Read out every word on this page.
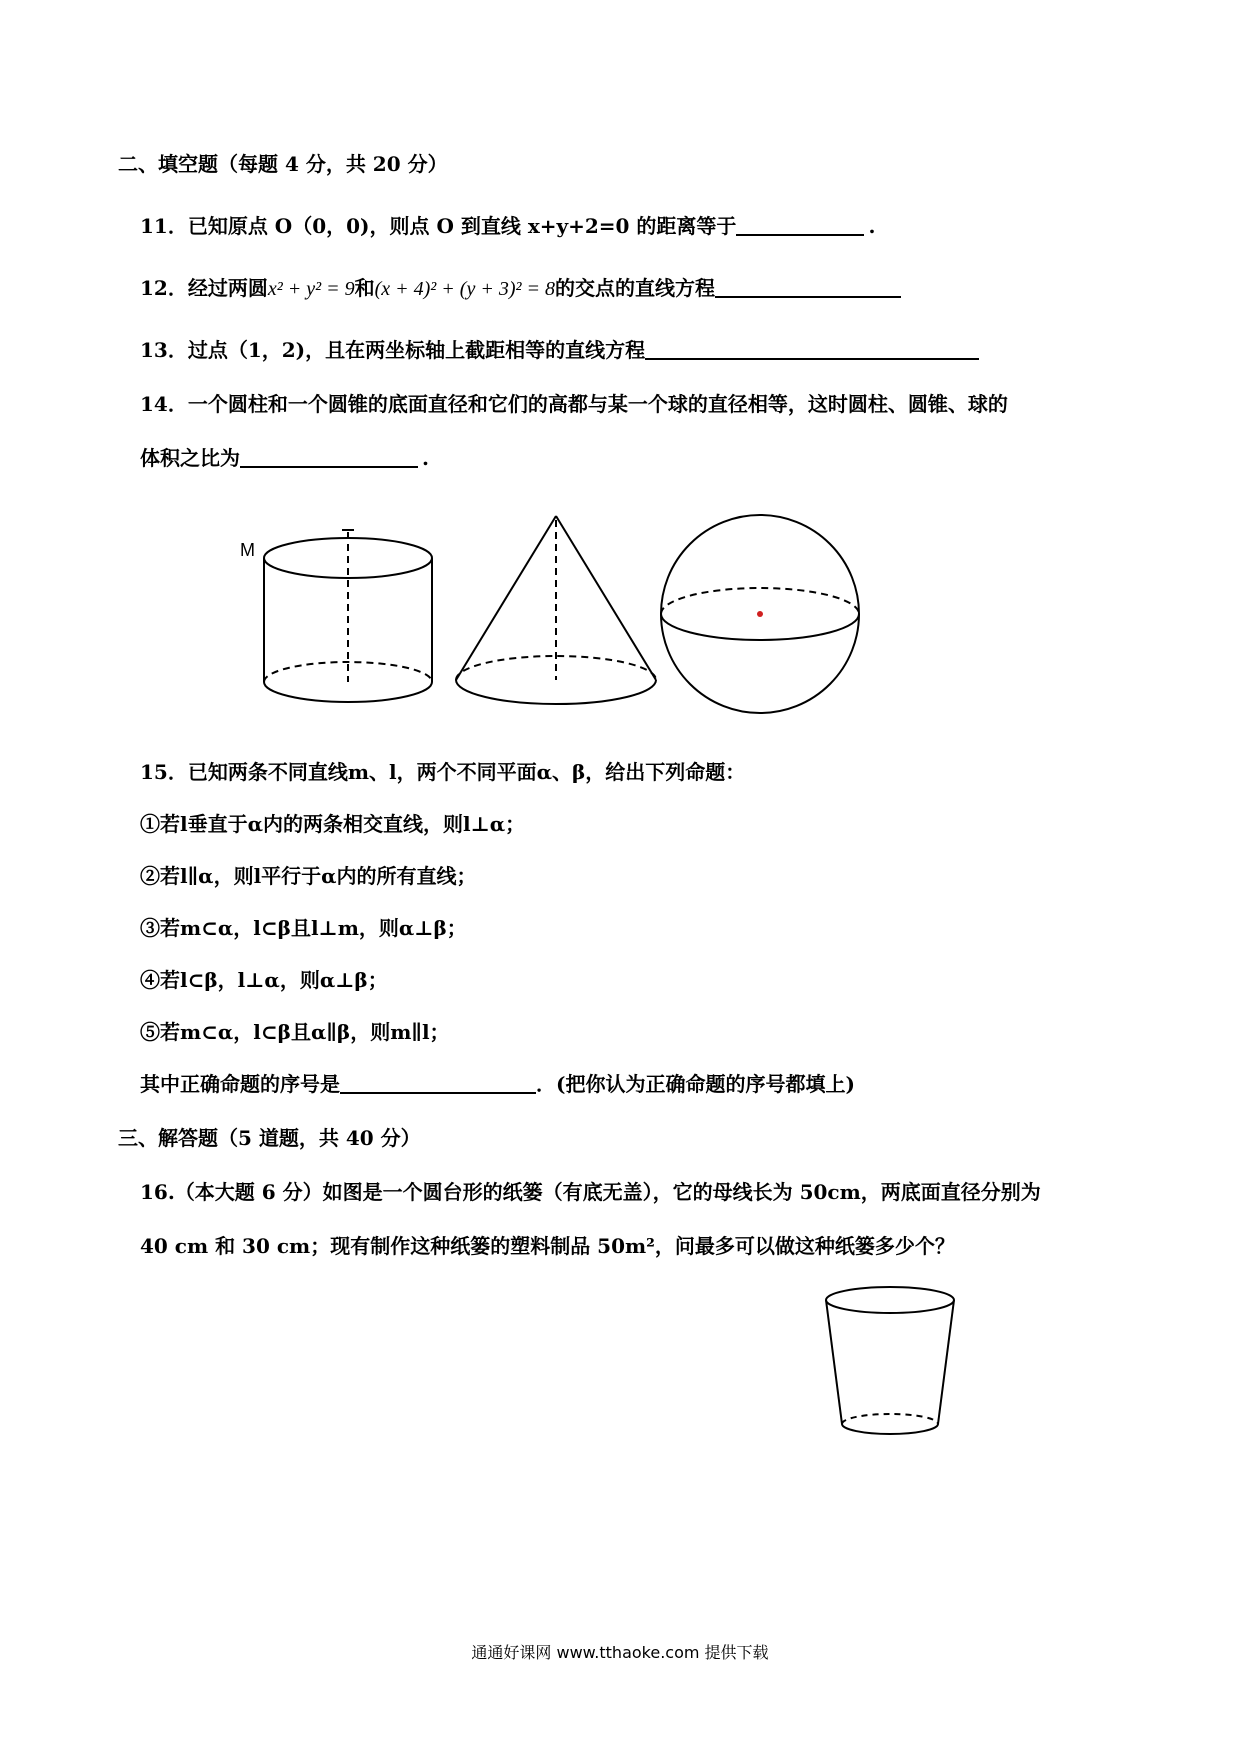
二、填空题（每题 4 分，共 20 分）
11．已知原点 O（0，0)，则点 O 到直线 x+y+2=0 的距离等于	.
12．经过两圆x² + y² = 9和(x + 4)² + (y + 3)² = 8的交点的直线方程
13．过点（1，2)，且在两坐标轴上截距相等的直线方程
14．一个圆柱和一个圆锥的底面直径和它们的高都与某一个球的直径相等，这时圆柱、圆锥、球的
体积之比为	.
M
15．已知两条不同直线m、l，两个不同平面α、β，给出下列命题：
①若l垂直于α内的两条相交直线，则l⊥α；
②若l∥α，则l平行于α内的所有直线；
③若m⊂α，l⊂β且l⊥m，则α⊥β；
④若l⊂β，l⊥α，则α⊥β；
⑤若m⊂α，l⊂β且α∥β，则m∥l；
其中正确命题的序号是	．(把你认为正确命题的序号都填上)
三、解答题（5 道题，共 40 分）
16.（本大题 6 分）如图是一个圆台形的纸篓（有底无盖），它的母线长为 50cm，两底面直径分别为
40 cm 和 30 cm；现有制作这种纸篓的塑料制品 50m²，问最多可以做这种纸篓多少个？
通通好课网 www.tthaoke.com 提供下载
